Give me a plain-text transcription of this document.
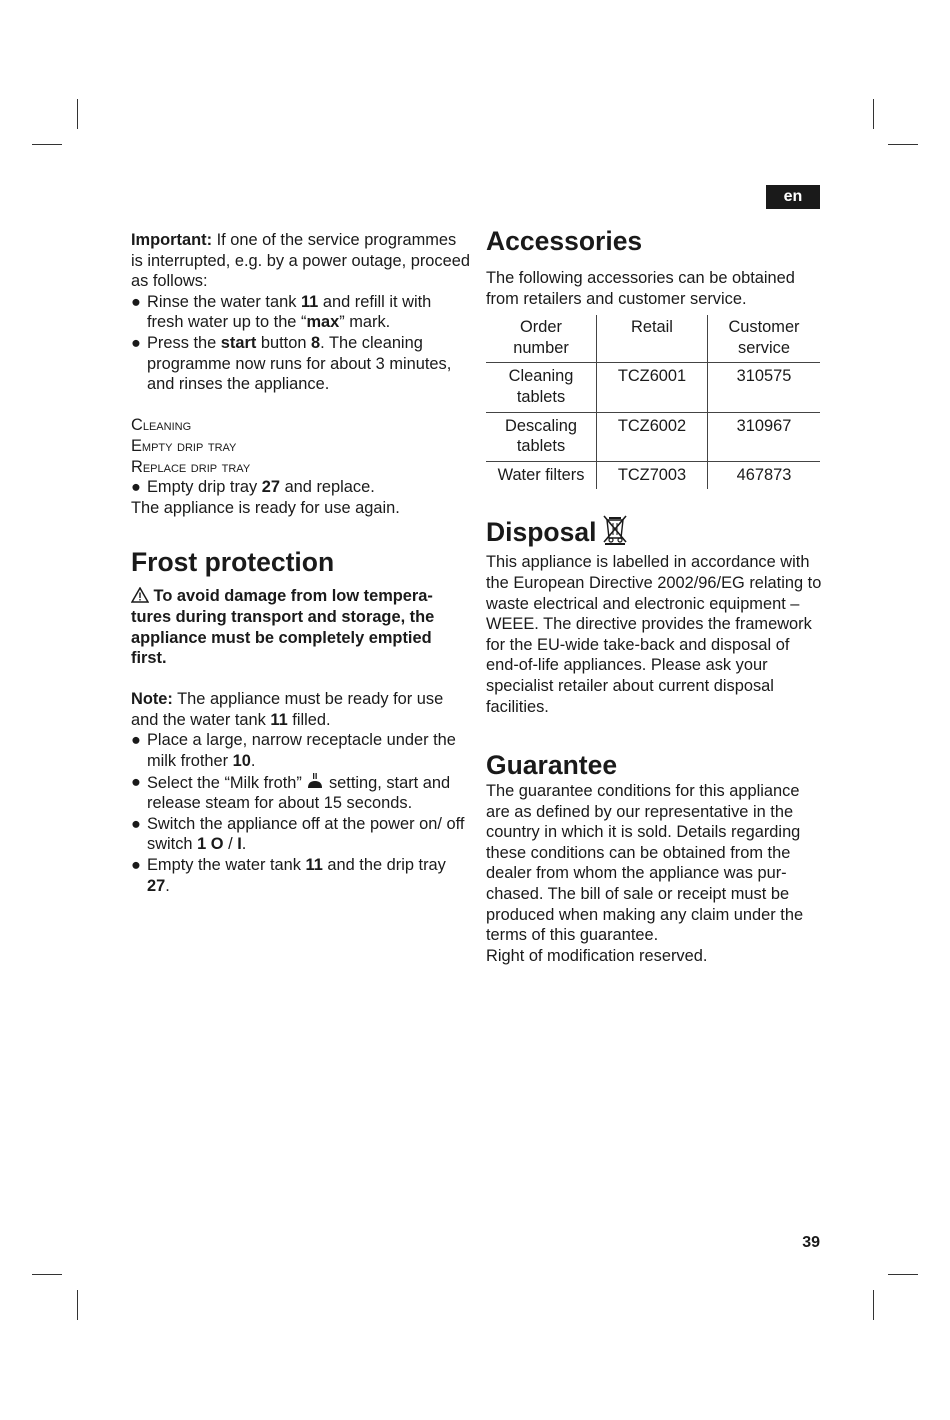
en

Important: If one of the service programmes is interrupted, e.g. by a power outage, proceed as follows:

● Rinse the water tank 11 and refill it with fresh water up to the “max” mark.

● Press the start button 8. The cleaning programme now runs for about 3 minutes, and rinses the appliance.

Cleaning

Empty drip tray

Replace drip tray

● Empty drip tray 27 and replace.

The appliance is ready for use again.

Frost protection

To avoid damage from low tempera-tures during transport and storage, the appliance must be completely emptied first.

Note: The appliance must be ready for use and the water tank 11 filled.

● Place a large, narrow receptacle under the milk frother 10.

● Select the “Milk froth”  setting, start and release steam for about 15 seconds.

● Switch the appliance off at the power on/ off switch 1 O / I.

● Empty the water tank 11 and the drip tray 27.

Accessories

The following accessories can be obtained from retailers and customer service.

Order number	Retail	Customer service
Cleaning tablets	TCZ6001	310575
Descaling tablets	TCZ6002	310967
Water filters	TCZ7003	467873
Disposal

This appliance is labelled in accordance with the European Directive 2002/96/EG relating to waste electrical and electronic equipment – WEEE. The directive provides the framework for the EU-wide take-back and disposal of end-of-life appliances. Please ask your specialist retailer about current disposal facilities.

Guarantee

The guarantee conditions for this appliance are as defined by our representative in the country in which it is sold. Details regarding these conditions can be obtained from the dealer from whom the appliance was pur-chased. The bill of sale or receipt must be produced when making any claim under the terms of this guarantee.

Right of modification reserved.

39
